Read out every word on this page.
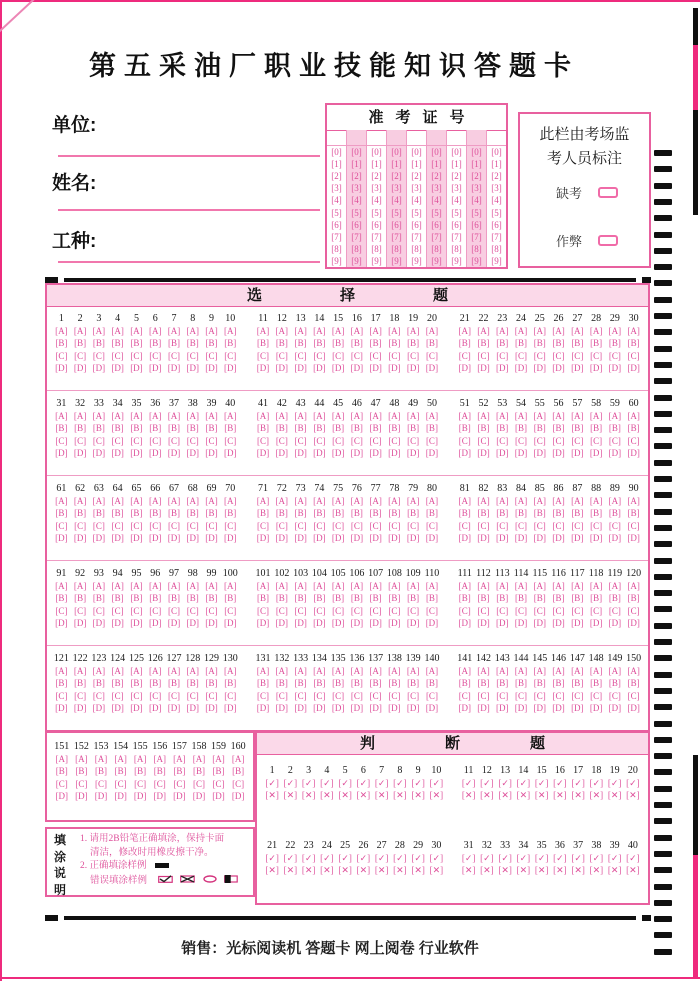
第五采油厂职业技能知识答题卡
单位:
姓名:
工种:
准考证号
[0]
[1]
[2]
[3]
[4]
[5]
[6]
[7]
[8]
[9]
[0]
[1]
[2]
[3]
[4]
[5]
[6]
[7]
[8]
[9]
[0]
[1]
[2]
[3]
[4]
[5]
[6]
[7]
[8]
[9]
[0]
[1]
[2]
[3]
[4]
[5]
[6]
[7]
[8]
[9]
[0]
[1]
[2]
[3]
[4]
[5]
[6]
[7]
[8]
[9]
[0]
[1]
[2]
[3]
[4]
[5]
[6]
[7]
[8]
[9]
[0]
[1]
[2]
[3]
[4]
[5]
[6]
[7]
[8]
[9]
[0]
[1]
[2]
[3]
[4]
[5]
[6]
[7]
[8]
[9]
[0]
[1]
[2]
[3]
[4]
[5]
[6]
[7]
[8]
[9]
此栏由考场监
考人员标注
缺考
作弊
选择题
1
[A]
[B]
[C]
[D]
2
[A]
[B]
[C]
[D]
3
[A]
[B]
[C]
[D]
4
[A]
[B]
[C]
[D]
5
[A]
[B]
[C]
[D]
6
[A]
[B]
[C]
[D]
7
[A]
[B]
[C]
[D]
8
[A]
[B]
[C]
[D]
9
[A]
[B]
[C]
[D]
10
[A]
[B]
[C]
[D]
11
[A]
[B]
[C]
[D]
12
[A]
[B]
[C]
[D]
13
[A]
[B]
[C]
[D]
14
[A]
[B]
[C]
[D]
15
[A]
[B]
[C]
[D]
16
[A]
[B]
[C]
[D]
17
[A]
[B]
[C]
[D]
18
[A]
[B]
[C]
[D]
19
[A]
[B]
[C]
[D]
20
[A]
[B]
[C]
[D]
21
[A]
[B]
[C]
[D]
22
[A]
[B]
[C]
[D]
23
[A]
[B]
[C]
[D]
24
[A]
[B]
[C]
[D]
25
[A]
[B]
[C]
[D]
26
[A]
[B]
[C]
[D]
27
[A]
[B]
[C]
[D]
28
[A]
[B]
[C]
[D]
29
[A]
[B]
[C]
[D]
30
[A]
[B]
[C]
[D]
31
[A]
[B]
[C]
[D]
32
[A]
[B]
[C]
[D]
33
[A]
[B]
[C]
[D]
34
[A]
[B]
[C]
[D]
35
[A]
[B]
[C]
[D]
36
[A]
[B]
[C]
[D]
37
[A]
[B]
[C]
[D]
38
[A]
[B]
[C]
[D]
39
[A]
[B]
[C]
[D]
40
[A]
[B]
[C]
[D]
41
[A]
[B]
[C]
[D]
42
[A]
[B]
[C]
[D]
43
[A]
[B]
[C]
[D]
44
[A]
[B]
[C]
[D]
45
[A]
[B]
[C]
[D]
46
[A]
[B]
[C]
[D]
47
[A]
[B]
[C]
[D]
48
[A]
[B]
[C]
[D]
49
[A]
[B]
[C]
[D]
50
[A]
[B]
[C]
[D]
51
[A]
[B]
[C]
[D]
52
[A]
[B]
[C]
[D]
53
[A]
[B]
[C]
[D]
54
[A]
[B]
[C]
[D]
55
[A]
[B]
[C]
[D]
56
[A]
[B]
[C]
[D]
57
[A]
[B]
[C]
[D]
58
[A]
[B]
[C]
[D]
59
[A]
[B]
[C]
[D]
60
[A]
[B]
[C]
[D]
61
[A]
[B]
[C]
[D]
62
[A]
[B]
[C]
[D]
63
[A]
[B]
[C]
[D]
64
[A]
[B]
[C]
[D]
65
[A]
[B]
[C]
[D]
66
[A]
[B]
[C]
[D]
67
[A]
[B]
[C]
[D]
68
[A]
[B]
[C]
[D]
69
[A]
[B]
[C]
[D]
70
[A]
[B]
[C]
[D]
71
[A]
[B]
[C]
[D]
72
[A]
[B]
[C]
[D]
73
[A]
[B]
[C]
[D]
74
[A]
[B]
[C]
[D]
75
[A]
[B]
[C]
[D]
76
[A]
[B]
[C]
[D]
77
[A]
[B]
[C]
[D]
78
[A]
[B]
[C]
[D]
79
[A]
[B]
[C]
[D]
80
[A]
[B]
[C]
[D]
81
[A]
[B]
[C]
[D]
82
[A]
[B]
[C]
[D]
83
[A]
[B]
[C]
[D]
84
[A]
[B]
[C]
[D]
85
[A]
[B]
[C]
[D]
86
[A]
[B]
[C]
[D]
87
[A]
[B]
[C]
[D]
88
[A]
[B]
[C]
[D]
89
[A]
[B]
[C]
[D]
90
[A]
[B]
[C]
[D]
91
[A]
[B]
[C]
[D]
92
[A]
[B]
[C]
[D]
93
[A]
[B]
[C]
[D]
94
[A]
[B]
[C]
[D]
95
[A]
[B]
[C]
[D]
96
[A]
[B]
[C]
[D]
97
[A]
[B]
[C]
[D]
98
[A]
[B]
[C]
[D]
99
[A]
[B]
[C]
[D]
100
[A]
[B]
[C]
[D]
101
[A]
[B]
[C]
[D]
102
[A]
[B]
[C]
[D]
103
[A]
[B]
[C]
[D]
104
[A]
[B]
[C]
[D]
105
[A]
[B]
[C]
[D]
106
[A]
[B]
[C]
[D]
107
[A]
[B]
[C]
[D]
108
[A]
[B]
[C]
[D]
109
[A]
[B]
[C]
[D]
110
[A]
[B]
[C]
[D]
111
[A]
[B]
[C]
[D]
112
[A]
[B]
[C]
[D]
113
[A]
[B]
[C]
[D]
114
[A]
[B]
[C]
[D]
115
[A]
[B]
[C]
[D]
116
[A]
[B]
[C]
[D]
117
[A]
[B]
[C]
[D]
118
[A]
[B]
[C]
[D]
119
[A]
[B]
[C]
[D]
120
[A]
[B]
[C]
[D]
121
[A]
[B]
[C]
[D]
122
[A]
[B]
[C]
[D]
123
[A]
[B]
[C]
[D]
124
[A]
[B]
[C]
[D]
125
[A]
[B]
[C]
[D]
126
[A]
[B]
[C]
[D]
127
[A]
[B]
[C]
[D]
128
[A]
[B]
[C]
[D]
129
[A]
[B]
[C]
[D]
130
[A]
[B]
[C]
[D]
131
[A]
[B]
[C]
[D]
132
[A]
[B]
[C]
[D]
133
[A]
[B]
[C]
[D]
134
[A]
[B]
[C]
[D]
135
[A]
[B]
[C]
[D]
136
[A]
[B]
[C]
[D]
137
[A]
[B]
[C]
[D]
138
[A]
[B]
[C]
[D]
139
[A]
[B]
[C]
[D]
140
[A]
[B]
[C]
[D]
141
[A]
[B]
[C]
[D]
142
[A]
[B]
[C]
[D]
143
[A]
[B]
[C]
[D]
144
[A]
[B]
[C]
[D]
145
[A]
[B]
[C]
[D]
146
[A]
[B]
[C]
[D]
147
[A]
[B]
[C]
[D]
148
[A]
[B]
[C]
[D]
149
[A]
[B]
[C]
[D]
150
[A]
[B]
[C]
[D]
151
[A]
[B]
[C]
[D]
152
[A]
[B]
[C]
[D]
153
[A]
[B]
[C]
[D]
154
[A]
[B]
[C]
[D]
155
[A]
[B]
[C]
[D]
156
[A]
[B]
[C]
[D]
157
[A]
[B]
[C]
[D]
158
[A]
[B]
[C]
[D]
159
[A]
[B]
[C]
[D]
160
[A]
[B]
[C]
[D]
判断题
1
[✓]
[✕]
2
[✓]
[✕]
3
[✓]
[✕]
4
[✓]
[✕]
5
[✓]
[✕]
6
[✓]
[✕]
7
[✓]
[✕]
8
[✓]
[✕]
9
[✓]
[✕]
10
[✓]
[✕]
11
[✓]
[✕]
12
[✓]
[✕]
13
[✓]
[✕]
14
[✓]
[✕]
15
[✓]
[✕]
16
[✓]
[✕]
17
[✓]
[✕]
18
[✓]
[✕]
19
[✓]
[✕]
20
[✓]
[✕]
21
[✓]
[✕]
22
[✓]
[✕]
23
[✓]
[✕]
24
[✓]
[✕]
25
[✓]
[✕]
26
[✓]
[✕]
27
[✓]
[✕]
28
[✓]
[✕]
29
[✓]
[✕]
30
[✓]
[✕]
31
[✓]
[✕]
32
[✓]
[✕]
33
[✓]
[✕]
34
[✓]
[✕]
35
[✓]
[✕]
36
[✓]
[✕]
37
[✓]
[✕]
38
[✓]
[✕]
39
[✓]
[✕]
40
[✓]
[✕]
填涂说明
1. 请用2B铅笔正确填涂，保持卡面
清洁，修改时用橡皮擦干净。
2. 正确填涂样例
错误填涂样例
销售：光标阅读机 答题卡 网上阅卷 行业软件
